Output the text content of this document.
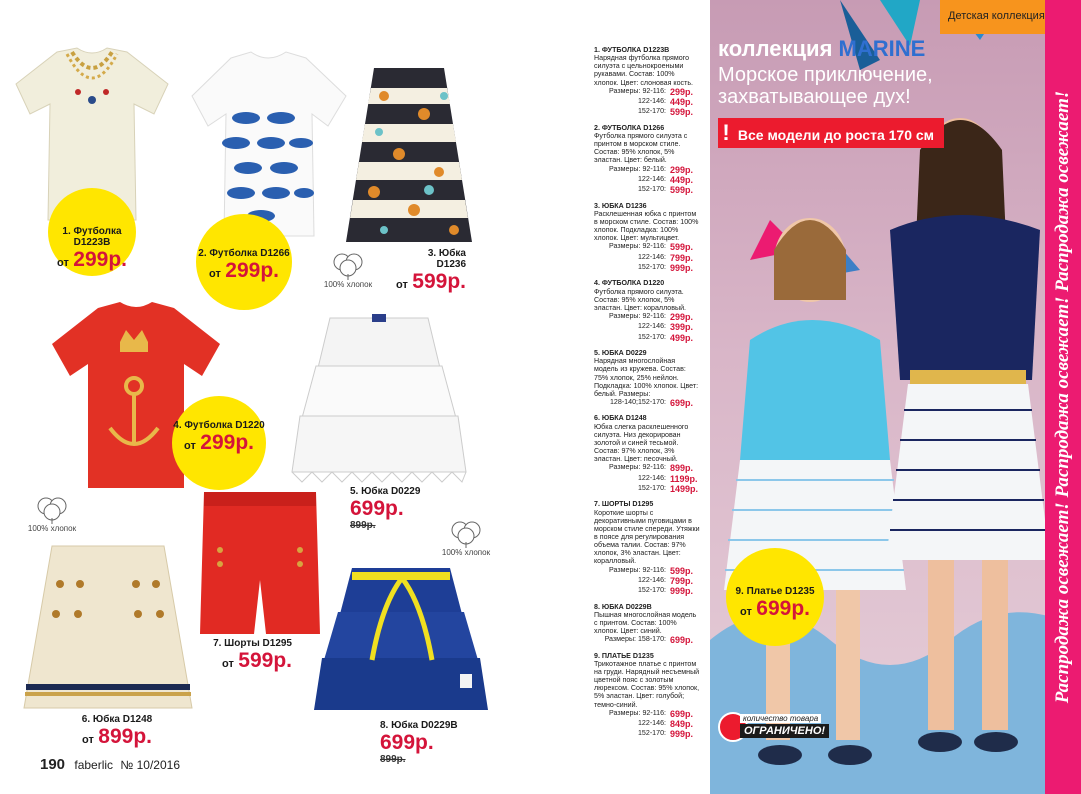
1. Футболка D1223B
от 299р.	2. Футболка D1266
от 299р.
3. Юбка D1236
от 599р.
100% хлопок
4. Футболка D1220
от 299р.
5. Юбка D0229
699р.
899р.
100% хлопок
6. Юбка D1248
от 899р.
7. Шорты D1295
от 599р.
100% хлопок
8. Юбка D0229B
699р.
899р.
190 faberlic № 10/2016
1. ФУТБОЛКА D1223B
Нарядная футболка прямого силуэта с цельнокроеными рукавами. Состав: 100% хлопок. Цвет: слоновая кость.
Размеры: 92-116: 299р.
122-146: 449р.
152-170: 599р.
2. ФУТБОЛКА D1266
Футболка прямого силуэта с принтом в морском стиле. Состав: 95% хлопок, 5% эластан. Цвет: белый.
Размеры: 92-116: 299р.
122-146: 449р.
152-170: 599р.
3. ЮБКА D1236
Расклешенная юбка с принтом в морском стиле. Состав: 100% хлопок. Подкладка: 100% хлопок. Цвет: мультицвет.
Размеры: 92-116: 599р.
122-146: 799р.
152-170: 999р.
4. ФУТБОЛКА D1220
Футболка прямого силуэта. Состав: 95% хлопок, 5% эластан. Цвет: коралловый.
Размеры: 92-116: 299р.
122-146: 399р.
152-170: 499р.
5. ЮБКА D0229
Нарядная многослойная модель из кружева. Состав: 75% хлопок, 25% нейлон. Подкладка: 100% хлопок. Цвет: белый. Размеры:
128-140;152-170: 699р.
6. ЮБКА D1248
Юбка слегка расклешенного силуэта. Низ декорирован золотой и синей тесьмой. Состав: 97% хлопок, 3% эластан. Цвет: песочный.
Размеры: 92-116: 899р.
122-146: 1199р.
152-170: 1499р.
7. ШОРТЫ D1295
Короткие шорты с декоративными пуговицами в морском стиле спереди. Утяжки в поясе для регулирования объема талии. Состав: 97% хлопок, 3% эластан. Цвет: коралловый.
Размеры: 92-116: 599р.
122-146: 799р.
152-170: 999р.
8. ЮБКА D0229B
Пышная многослойная модель с принтом. Состав: 100% хлопок. Цвет: синий.
Размеры: 158-170: 699р.
9. ПЛАТЬЕ D1235
Трикотажное платье с принтом на груди. Нарядный несъемный цветной пояс с золотым люрексом. Состав: 95% хлопок, 5% эластан. Цвет: голубой; темно-синий.
Размеры: 92-116: 699р.
122-146: 849р.
152-170: 999р.
Детская коллекция
коллекция MARINE
Морское приключение,
захватывающее дух!
! Все модели до роста 170 см
9. Платье D1235
от 699р.	Распродажа освежает! Распродажа освежает! Распродажа освежает!
количество товара
ОГРАНИЧЕНО!
